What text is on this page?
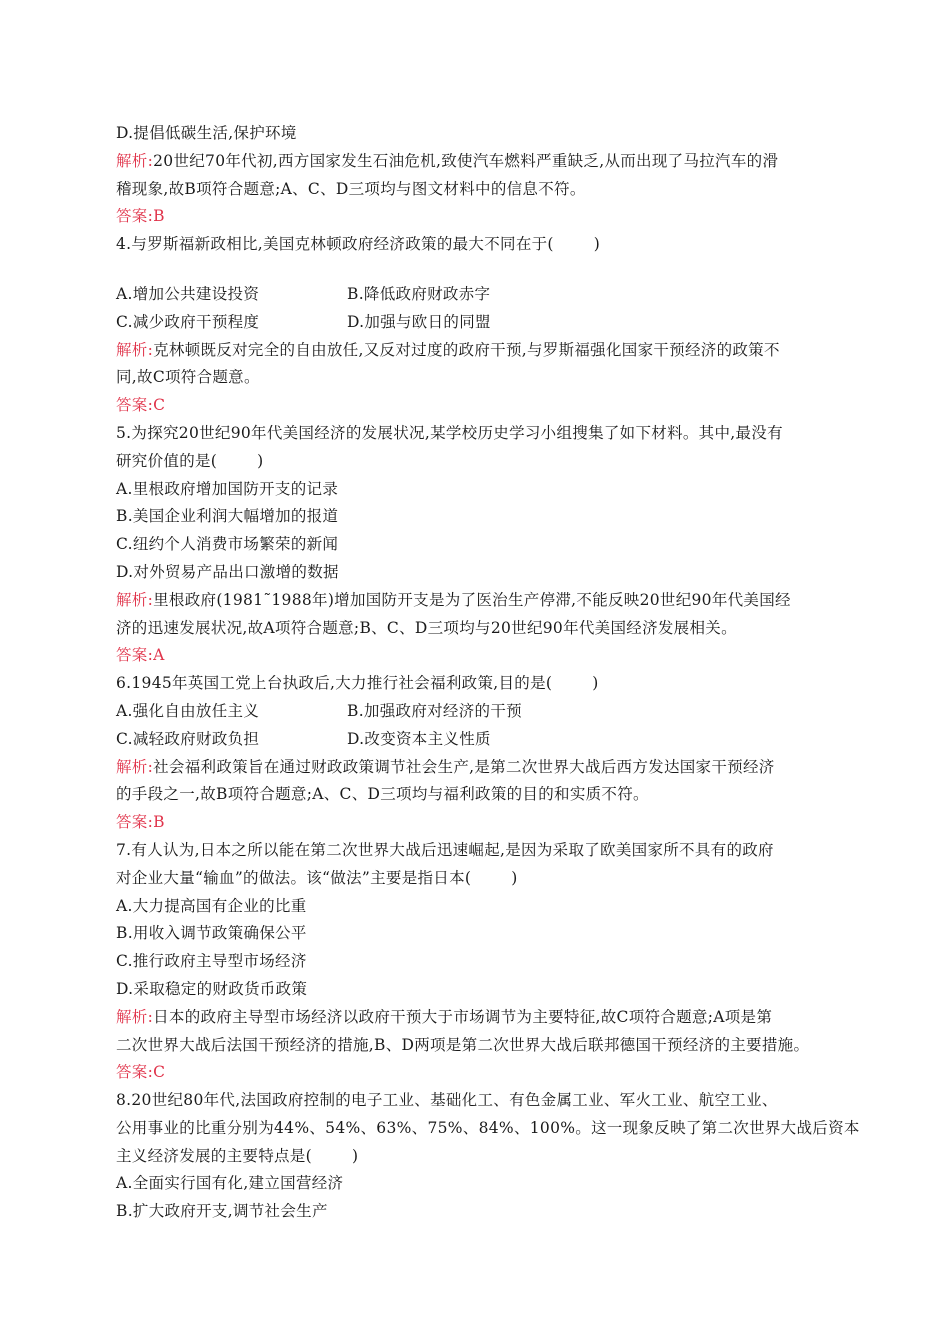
D.提倡低碳生活,保护环境
解析:20世纪70年代初,西方国家发生石油危机,致使汽车燃料严重缺乏,从而出现了马拉汽车的滑
稽现象,故B项符合题意;A、C、D三项均与图文材料中的信息不符。
答案:B
4.与罗斯福新政相比,美国克林顿政府经济政策的最大不同在于(	)
A.增加公共建设投资	B.降低政府财政赤字
C.减少政府干预程度	D.加强与欧日的同盟
解析:克林顿既反对完全的自由放任,又反对过度的政府干预,与罗斯福强化国家干预经济的政策不
同,故C项符合题意。
答案:C
5.为探究20世纪90年代美国经济的发展状况,某学校历史学习小组搜集了如下材料。其中,最没有
研究价值的是(	)
A.里根政府增加国防开支的记录
B.美国企业利润大幅增加的报道
C.纽约个人消费市场繁荣的新闻
D.对外贸易产品出口激增的数据
解析:里根政府(1981˜1988年)增加国防开支是为了医治生产停滞,不能反映20世纪90年代美国经
济的迅速发展状况,故A项符合题意;B、C、D三项均与20世纪90年代美国经济发展相关。
答案:A
6.1945年英国工党上台执政后,大力推行社会福利政策,目的是(	)
A.强化自由放任主义	B.加强政府对经济的干预
C.减轻政府财政负担	D.改变资本主义性质
解析:社会福利政策旨在通过财政政策调节社会生产,是第二次世界大战后西方发达国家干预经济
的手段之一,故B项符合题意;A、C、D三项均与福利政策的目的和实质不符。
答案:B
7.有人认为,日本之所以能在第二次世界大战后迅速崛起,是因为采取了欧美国家所不具有的政府
对企业大量“输血”的做法。该“做法”主要是指日本(	)
A.大力提高国有企业的比重
B.用收入调节政策确保公平
C.推行政府主导型市场经济
D.采取稳定的财政货币政策
解析:日本的政府主导型市场经济以政府干预大于市场调节为主要特征,故C项符合题意;A项是第
二次世界大战后法国干预经济的措施,B、D两项是第二次世界大战后联邦德国干预经济的主要措施。
答案:C
8.20世纪80年代,法国政府控制的电子工业、基础化工、有色金属工业、军火工业、航空工业、
公用事业的比重分别为44%、54%、63%、75%、84%、100%。这一现象反映了第二次世界大战后资本
主义经济发展的主要特点是(	)
A.全面实行国有化,建立国营经济
B.扩大政府开支,调节社会生产
